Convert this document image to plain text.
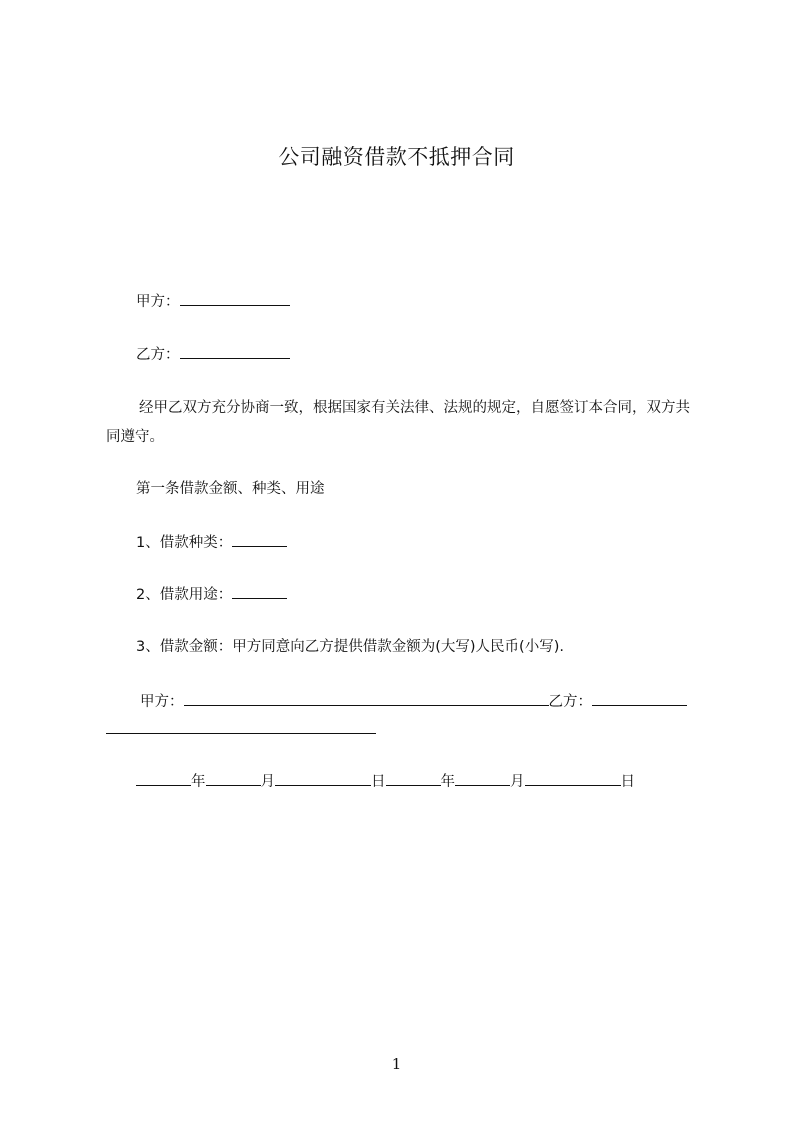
公司融资借款不抵押合同
甲方：
乙方：
经甲乙双方充分协商一致，根据国家有关法律、法规的规定，自愿签订本合同，双方共同遵守。
第一条借款金额、种类、用途
1、借款种类：
2、借款用途：
3、借款金额：甲方同意向乙方提供借款金额为(大写)人民币(小写).
甲方：	乙方：
年	月	日	年	月	日
1
